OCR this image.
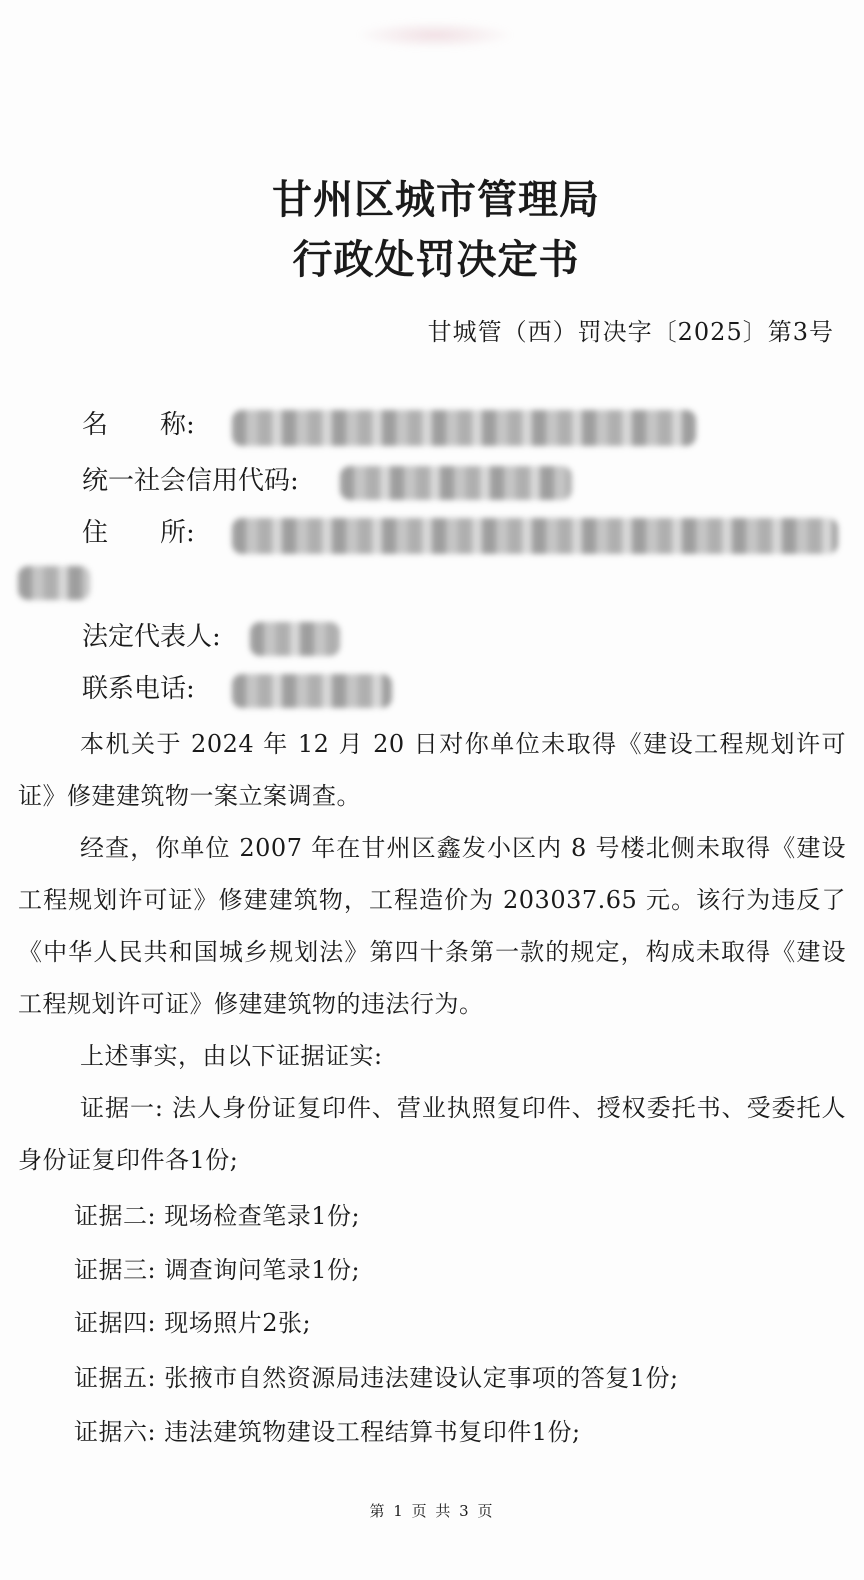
甘州区城市管理局
行政处罚决定书
甘城管（西）罚决字〔2025〕第3号
名　　称:
统一社会信用代码:
住　　所:
法定代表人:
联系电话:

本机关于 2024 年 12 月 20 日对你单位未取得《建设工程规划许可证》修建建筑物一案立案调查。

经查，你单位 2007 年在甘州区鑫发小区内 8 号楼北侧未取得《建设工程规划许可证》修建建筑物，工程造价为 203037.65 元。该行为违反了《中华人民共和国城乡规划法》第四十条第一款的规定，构成未取得《建设工程规划许可证》修建建筑物的违法行为。

上述事实，由以下证据证实:

证据一: 法人身份证复印件、营业执照复印件、授权委托书、受委托人身份证复印件各1份;

证据二: 现场检查笔录1份;
证据三: 调查询问笔录1份;
证据四: 现场照片2张;
证据五: 张掖市自然资源局违法建设认定事项的答复1份;
证据六: 违法建筑物建设工程结算书复印件1份;
第 1 页 共 3 页
